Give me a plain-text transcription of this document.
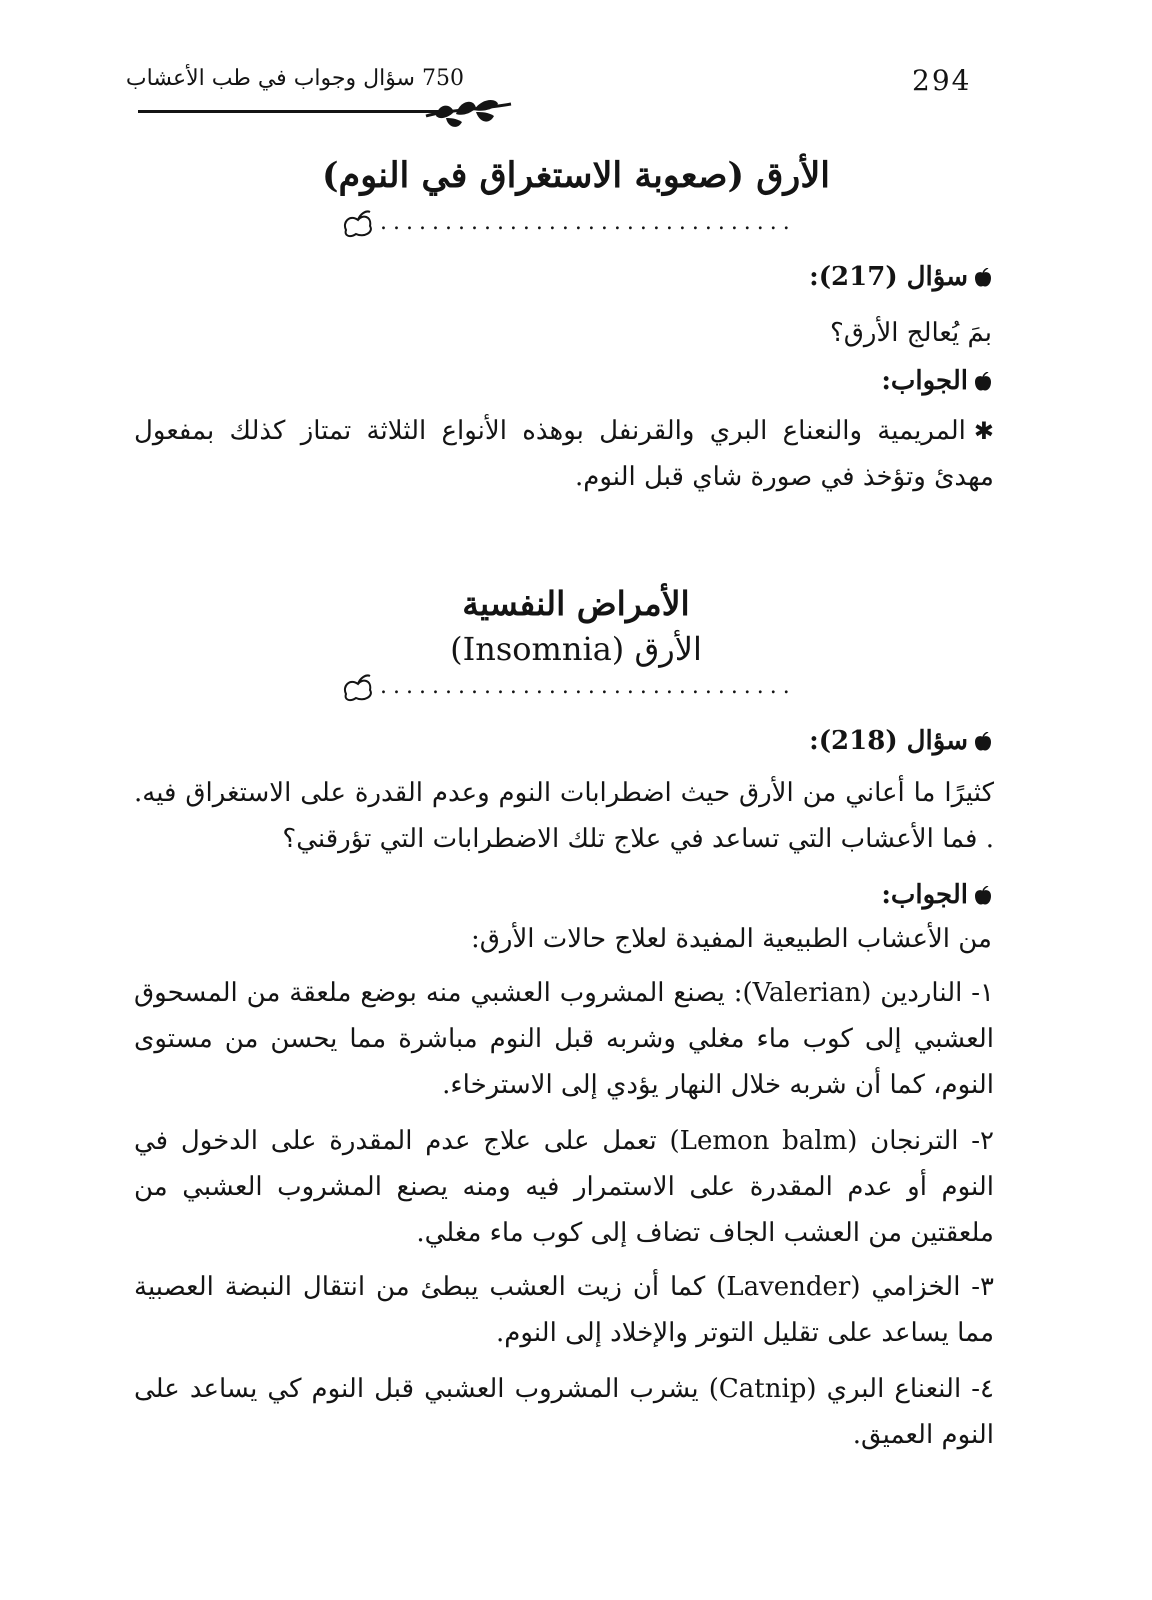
294
750 سؤال وجواب في طب الأعشاب
الأرق (صعوبة الاستغراق في النوم)
................................
سؤال (217):
بمَ يُعالج الأرق؟
الجواب:
✱المريمية والنعناع البري والقرنفل بوهذه الأنواع الثلاثة تمتاز كذلك بمفعول مهدئ وتؤخذ في صورة شاي قبل النوم.
الأمراض النفسية
الأرق (Insomnia)
................................
سؤال (218):
كثيرًا ما أعاني من الأرق حيث اضطرابات النوم وعدم القدرة على الاستغراق فيه. . فما الأعشاب التي تساعد في علاج تلك الاضطرابات التي تؤرقني؟
الجواب:
من الأعشاب الطبيعية المفيدة لعلاج حالات الأرق:
١- الناردين (Valerian): يصنع المشروب العشبي منه بوضع ملعقة من المسحوق العشبي إلى كوب ماء مغلي وشربه قبل النوم مباشرة مما يحسن من مستوى النوم، كما أن شربه خلال النهار يؤدي إلى الاسترخاء.
٢- الترنجان (Lemon balm) تعمل على علاج عدم المقدرة على الدخول في النوم أو عدم المقدرة على الاستمرار فيه ومنه يصنع المشروب العشبي من ملعقتين من العشب الجاف تضاف إلى كوب ماء مغلي.
٣- الخزامي (Lavender) كما أن زيت العشب يبطئ من انتقال النبضة العصبية مما يساعد على تقليل التوتر والإخلاد إلى النوم.
٤- النعناع البري (Catnip) يشرب المشروب العشبي قبل النوم كي يساعد على النوم العميق.
